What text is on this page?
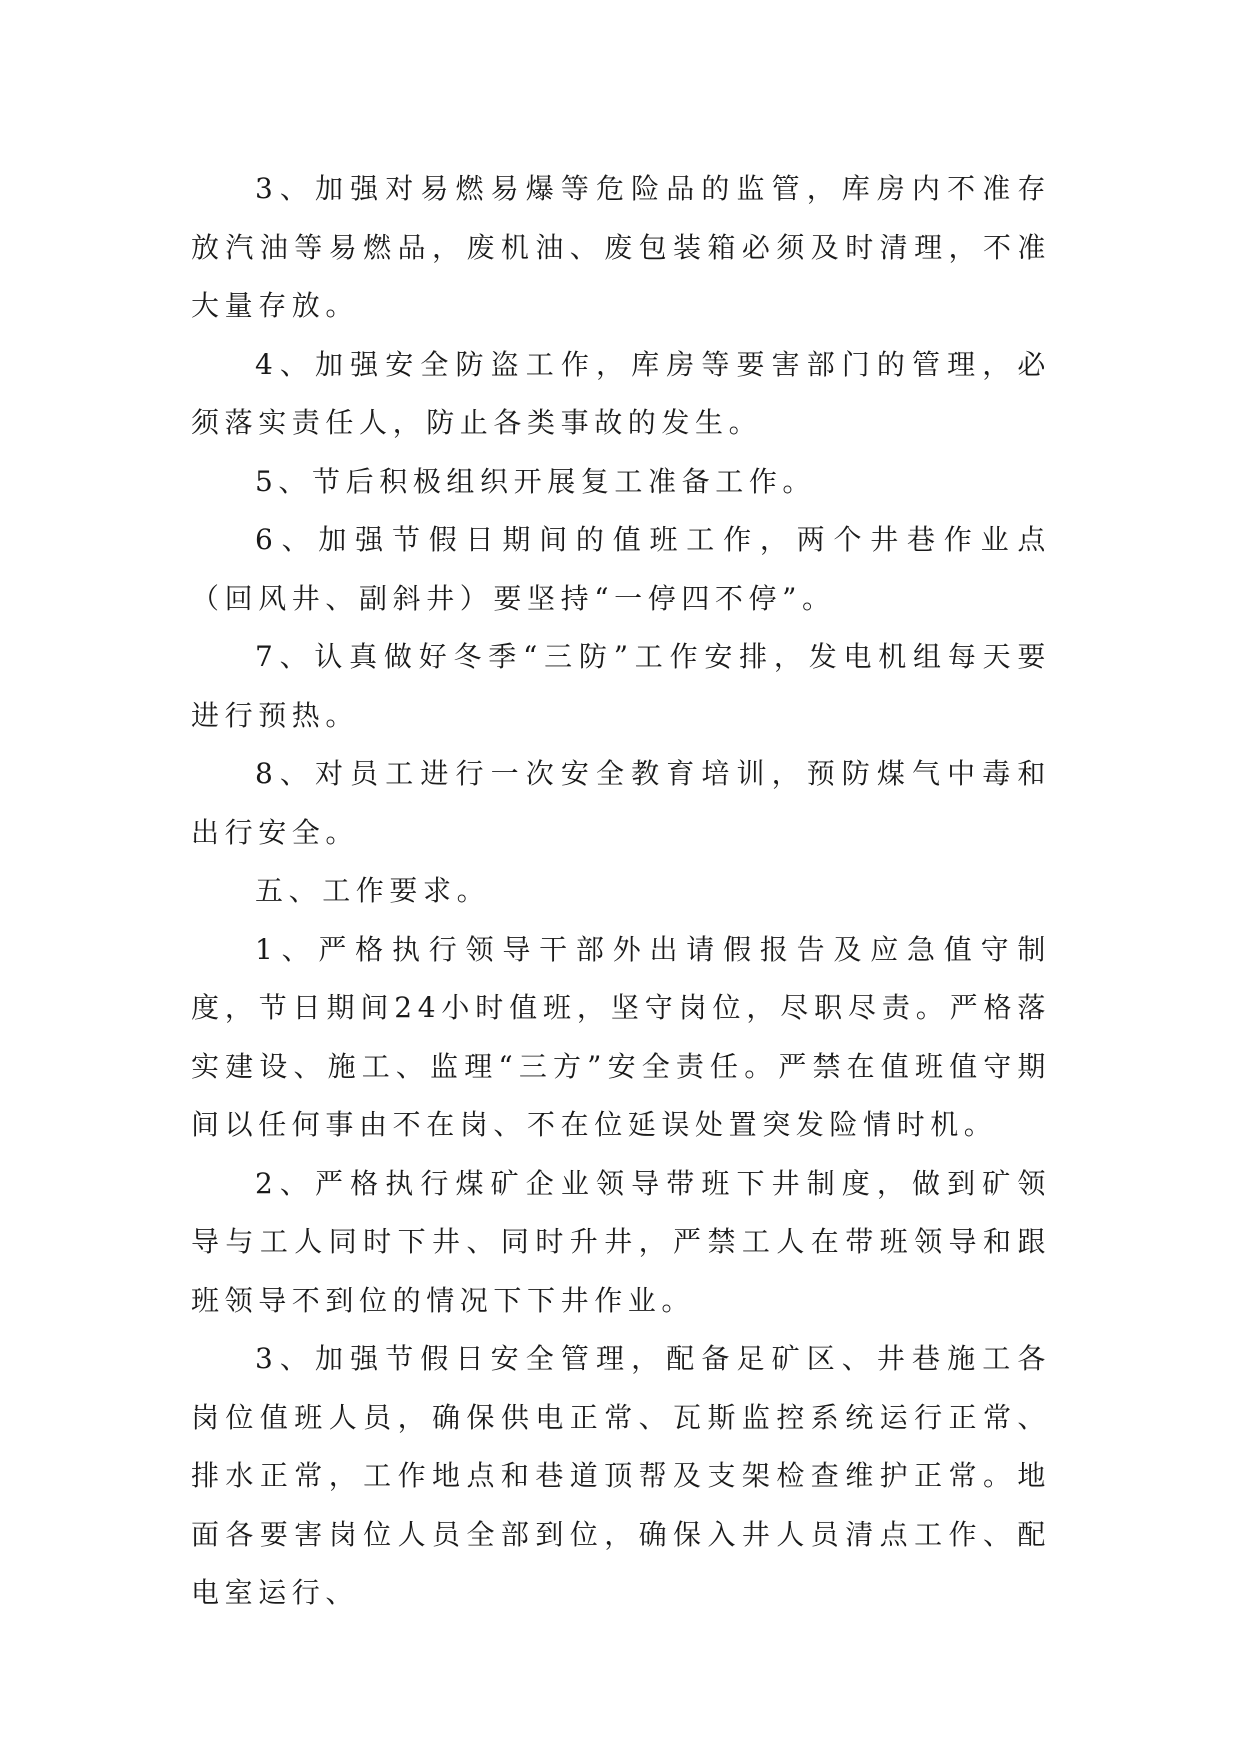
3、加强对易燃易爆等危险品的监管，库房内不准存放汽油等易燃品，废机油、废包装箱必须及时清理，不准大量存放。

4、加强安全防盗工作，库房等要害部门的管理，必须落实责任人，防止各类事故的发生。

5、节后积极组织开展复工准备工作。

6、加强节假日期间的值班工作，两个井巷作业点（回风井、副斜井）要坚持“一停四不停”。

7、认真做好冬季“三防”工作安排，发电机组每天要进行预热。

8、对员工进行一次安全教育培训，预防煤气中毒和出行安全。

五、工作要求。

1、严格执行领导干部外出请假报告及应急值守制度，节日期间24小时值班，坚守岗位，尽职尽责。严格落实建设、施工、监理“三方”安全责任。严禁在值班值守期间以任何事由不在岗、不在位延误处置突发险情时机。

2、严格执行煤矿企业领导带班下井制度，做到矿领导与工人同时下井、同时升井，严禁工人在带班领导和跟班领导不到位的情况下下井作业。

3、加强节假日安全管理，配备足矿区、井巷施工各岗位值班人员，确保供电正常、瓦斯监控系统运行正常、排水正常，工作地点和巷道顶帮及支架检查维护正常。地面各要害岗位人员全部到位，确保入井人员清点工作、配电室运行、
